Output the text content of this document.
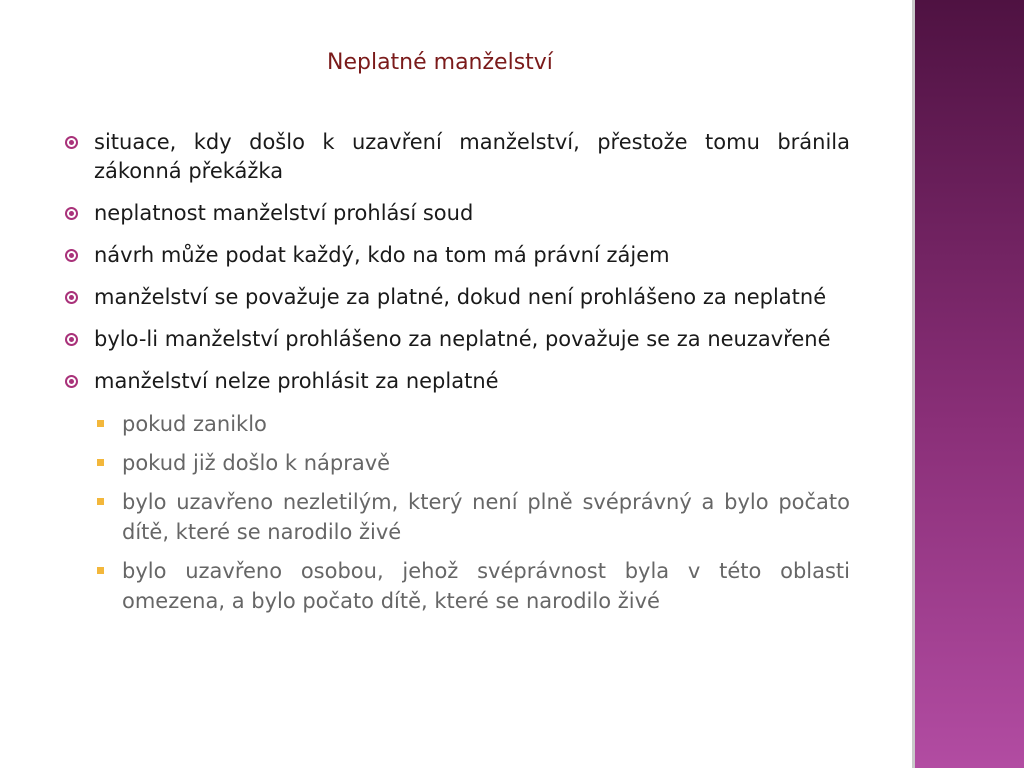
Neplatné manželství
situace, kdy došlo k uzavření manželství, přestože tomu bránila zákonná překážka
neplatnost manželství prohlásí soud
návrh může podat každý, kdo na tom má právní zájem
manželství se považuje za platné, dokud není prohlášeno za neplatné
bylo-li manželství prohlášeno za neplatné, považuje se za neuzavřené
manželství nelze prohlásit za neplatné
pokud zaniklo
pokud již došlo k nápravě
bylo uzavřeno nezletilým, který není plně svéprávný a bylo počato dítě, které se narodilo živé
bylo uzavřeno osobou, jehož svéprávnost byla v této oblasti omezena, a bylo počato dítě, které se narodilo živé
